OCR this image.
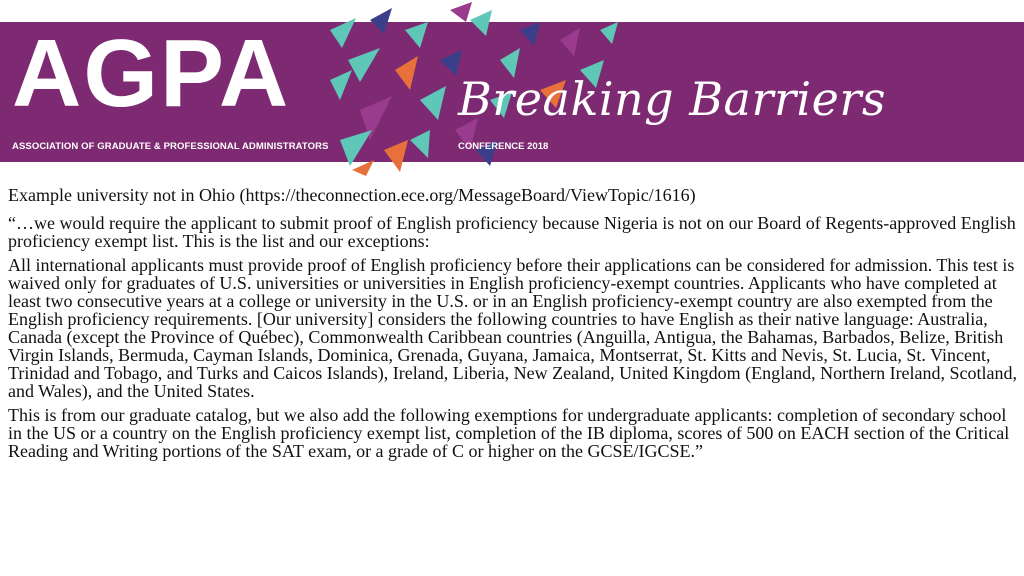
AGPA
ASSOCIATION OF GRADUATE & PROFESSIONAL ADMINISTRATORS
Breaking Barriers
CONFERENCE 2018

Example university not in Ohio (https://theconnection.ece.org/MessageBoard/ViewTopic/1616)

“…we would require the applicant to submit proof of English proficiency because Nigeria is not on our Board of Regents-approved English proficiency exempt list. This is the list and our exceptions:

All international applicants must provide proof of English proficiency before their applications can be considered for admission. This test is waived only for graduates of U.S. universities or universities in English proficiency-exempt countries. Applicants who have completed at least two consecutive years at a college or university in the U.S. or in an English proficiency-exempt country are also exempted from the English proficiency requirements. [Our university] considers the following countries to have English as their native language: Australia, Canada (except the Province of Québec), Commonwealth Caribbean countries (Anguilla, Antigua, the Bahamas, Barbados, Belize, British Virgin Islands, Bermuda, Cayman Islands, Dominica, Grenada, Guyana, Jamaica, Montserrat, St. Kitts and Nevis, St. Lucia, St. Vincent, Trinidad and Tobago, and Turks and Caicos Islands), Ireland, Liberia, New Zealand, United Kingdom (England, Northern Ireland, Scotland, and Wales), and the United States.

This is from our graduate catalog, but we also add the following exemptions for undergraduate applicants: completion of secondary school in the US or a country on the English proficiency exempt list, completion of the IB diploma, scores of 500 on EACH section of the Critical Reading and Writing portions of the SAT exam, or a grade of C or higher on the GCSE/IGCSE.”
